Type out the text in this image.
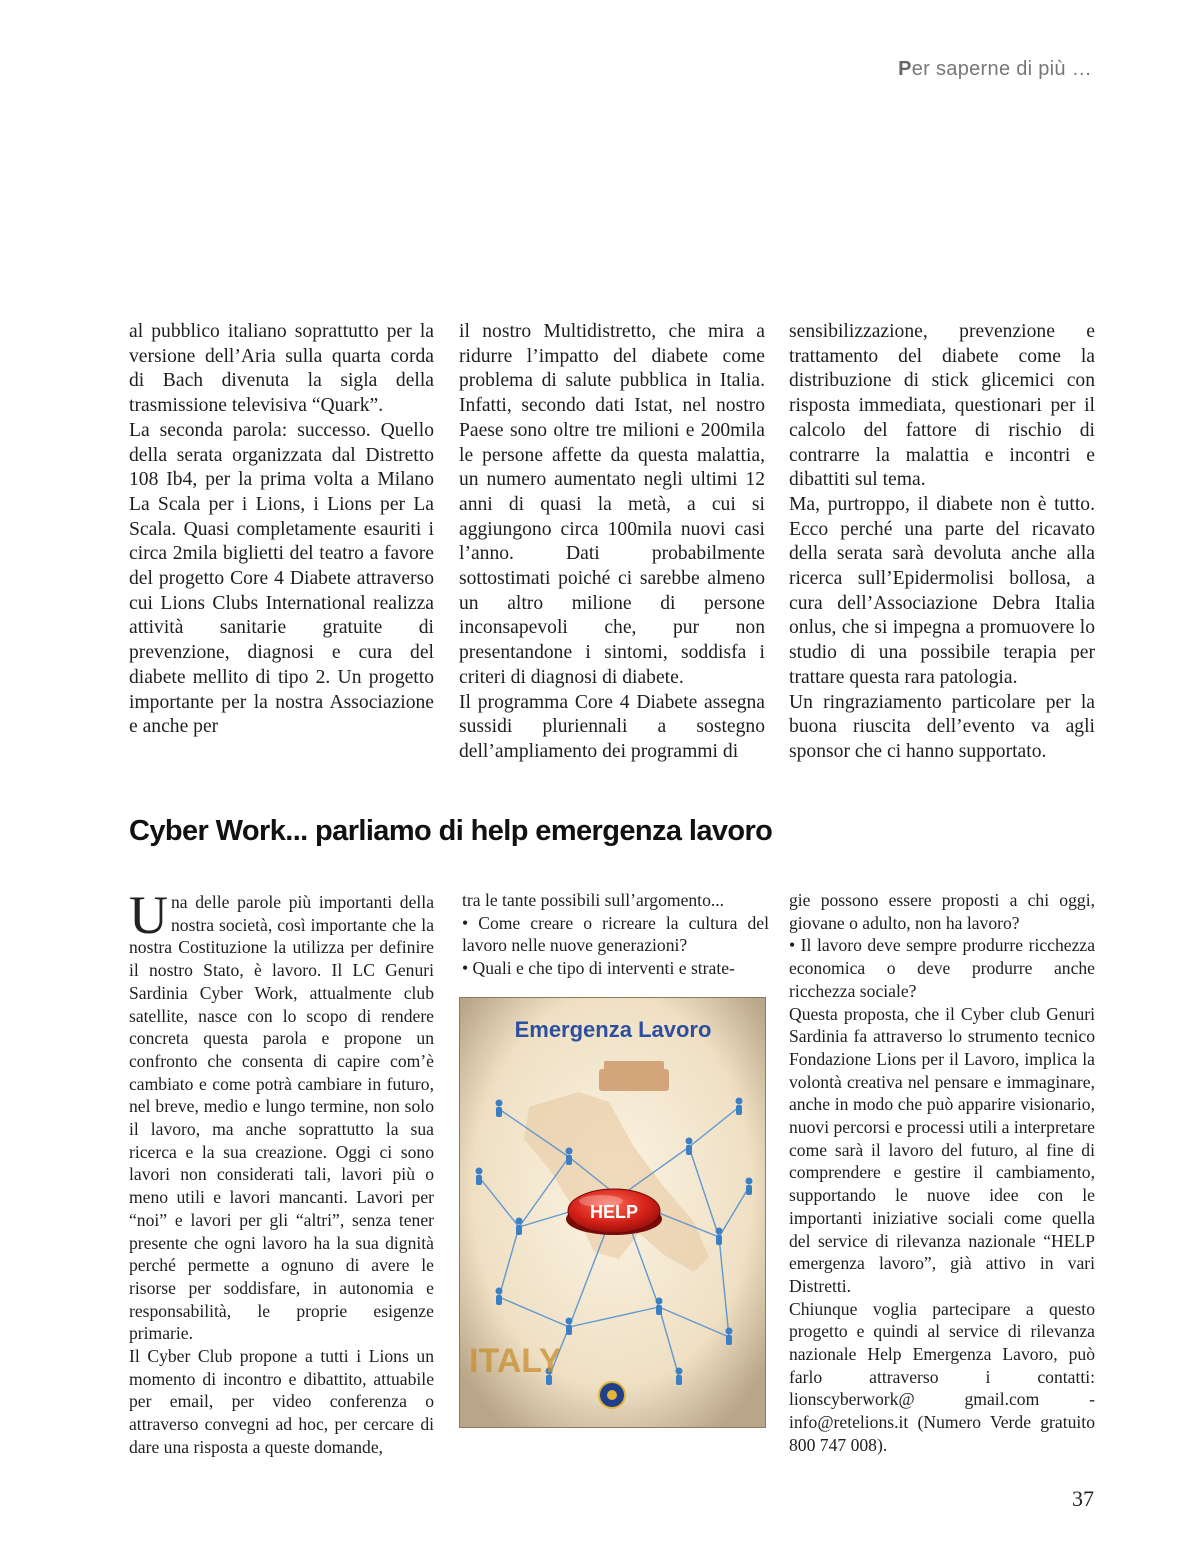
Per saperne di più …

al pubblico italiano soprattutto per la versione dell’Aria sulla quarta corda di Bach divenuta la sigla della trasmissione televisiva “Quark”.

La seconda parola: successo. Quello della serata organizzata dal Distretto 108 Ib4, per la prima volta a Milano La Scala per i Lions, i Lions per La Scala. Quasi completamente esauriti i circa 2mila biglietti del teatro a favore del progetto Core 4 Diabete attraverso cui Lions Clubs International realizza attività sanitarie gratuite di prevenzione, diagnosi e cura del diabete mellito di tipo 2. Un progetto importante per la nostra Associazione e anche per

il nostro Multidistretto, che mira a ridurre l’impatto del diabete come problema di salute pubblica in Italia. Infatti, secondo dati Istat, nel nostro Paese sono oltre tre milioni e 200mila le persone affette da questa malattia, un numero aumentato negli ultimi 12 anni di quasi la metà, a cui si aggiungono circa 100mila nuovi casi l’anno. Dati probabilmente sottostimati poiché ci sarebbe almeno un altro milione di persone inconsapevoli che, pur non presentandone i sintomi, soddisfa i criteri di diagnosi di diabete.

Il programma Core 4 Diabete assegna sussidi pluriennali a sostegno dell’ampliamento dei programmi di

sensibilizzazione, prevenzione e trattamento del diabete come la distribuzione di stick glicemici con risposta immediata, questionari per il calcolo del fattore di rischio di contrarre la malattia e incontri e dibattiti sul tema.

Ma, purtroppo, il diabete non è tutto. Ecco perché una parte del ricavato della serata sarà devoluta anche alla ricerca sull’Epidermolisi bollosa, a cura dell’Associazione Debra Italia onlus, che si impegna a promuovere lo studio di una possibile terapia per trattare questa rara patologia.

Un ringraziamento particolare per la buona riuscita dell’evento va agli sponsor che ci hanno supportato.

Cyber Work... parliamo di help emergenza lavoro

Una delle parole più importanti della nostra società, così importante che la nostra Costituzione la utilizza per definire il nostro Stato, è lavoro. Il LC Genuri Sardinia Cyber Work, attualmente club satellite, nasce con lo scopo di rendere concreta questa parola e propone un confronto che consenta di capire com’è cambiato e come potrà cambiare in futuro, nel breve, medio e lungo termine, non solo il lavoro, ma anche soprattutto la sua ricerca e la sua creazione. Oggi ci sono lavori non considerati tali, lavori più o meno utili e lavori mancanti. Lavori per “noi” e lavori per gli “altri”, senza tener presente che ogni lavoro ha la sua dignità perché permette a ognuno di avere le risorse per soddisfare, in autonomia e responsabilità, le proprie esigenze primarie.

Il Cyber Club propone a tutti i Lions un momento di incontro e dibattito, attuabile per email, per video conferenza o attraverso convegni ad hoc, per cercare di dare una risposta a queste domande,

tra le tante possibili sull’argomento...

• Come creare o ricreare la cultura del lavoro nelle nuove generazioni?

• Quali e che tipo di interventi e strate-

HELP
Emergenza Lavoro
ITALY

gie possono essere proposti a chi oggi, giovane o adulto, non ha lavoro?

• Il lavoro deve sempre produrre ricchezza economica o deve produrre anche ricchezza sociale?

Questa proposta, che il Cyber club Genuri Sardinia fa attraverso lo strumento tecnico Fondazione Lions per il Lavoro, implica la volontà creativa nel pensare e immaginare, anche in modo che può apparire visionario, nuovi percorsi e processi utili a interpretare come sarà il lavoro del futuro, al fine di comprendere e gestire il cambiamento, supportando le nuove idee con le importanti iniziative sociali come quella del service di rilevanza nazionale “HELP emergenza lavoro”, già attivo in vari Distretti.

Chiunque voglia partecipare a questo progetto e quindi al service di rilevanza nazionale Help Emergenza Lavoro, può farlo attraverso i contatti: lionscyberwork@ gmail.com - info@retelions.it (Numero Verde gratuito 800 747 008).

37
